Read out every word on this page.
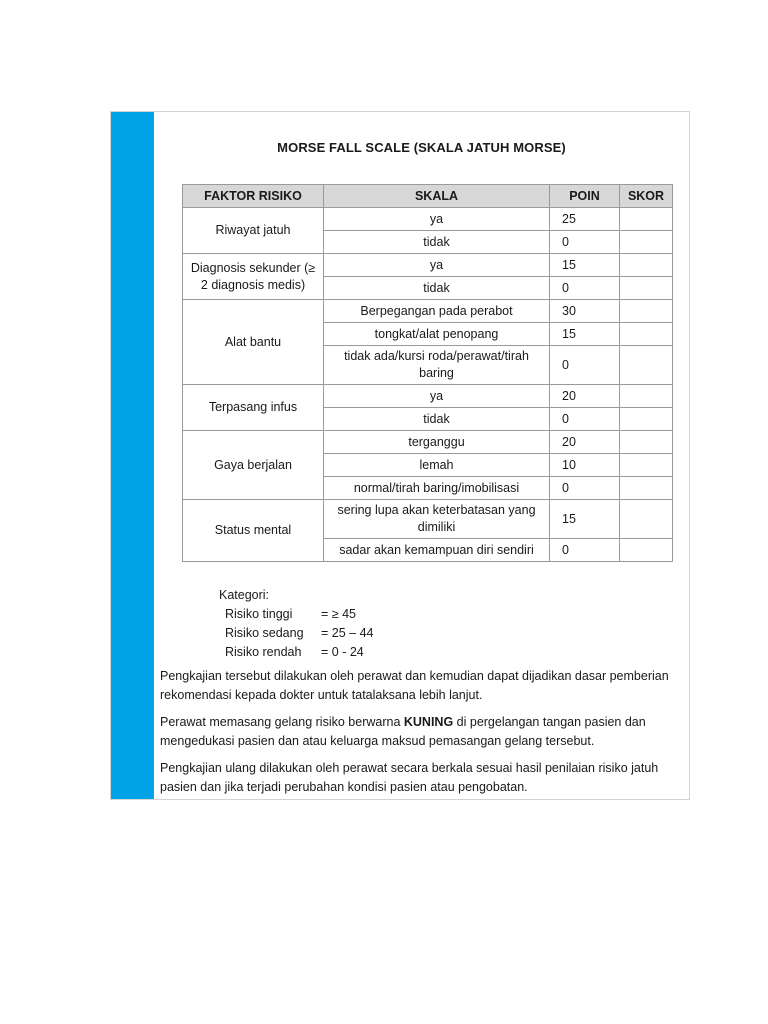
MORSE FALL SCALE (SKALA JATUH MORSE)
FAKTOR RISIKO	SKALA	POIN	SKOR
Riwayat jatuh	ya	25	
	tidak	0	
Diagnosis sekunder (≥ 2 diagnosis medis)	ya	15	
	tidak	0	
Alat bantu	Berpegangan pada perabot	30	
	tongkat/alat penopang	15	
	tidak ada/kursi roda/perawat/tirah baring	0	
Terpasang infus	ya	20	
	tidak	0	
Gaya berjalan	terganggu	20	
	lemah	10	
	normal/tirah baring/imobilisasi	0	
Status mental	sering lupa akan keterbatasan yang dimiliki	15	
	sadar akan kemampuan diri sendiri	0	
Kategori:
Risiko tinggi	= ≥ 45
Risiko sedang	= 25 – 44
Risiko rendah	= 0 - 24

Pengkajian tersebut dilakukan oleh perawat dan kemudian dapat dijadikan dasar pemberian rekomendasi kepada dokter untuk tatalaksana lebih lanjut.

Perawat memasang gelang risiko berwarna KUNING di pergelangan tangan pasien dan mengedukasi pasien dan atau keluarga maksud pemasangan gelang tersebut.

Pengkajian ulang dilakukan oleh perawat secara berkala sesuai hasil penilaian risiko jatuh pasien dan jika terjadi perubahan kondisi pasien atau pengobatan.
